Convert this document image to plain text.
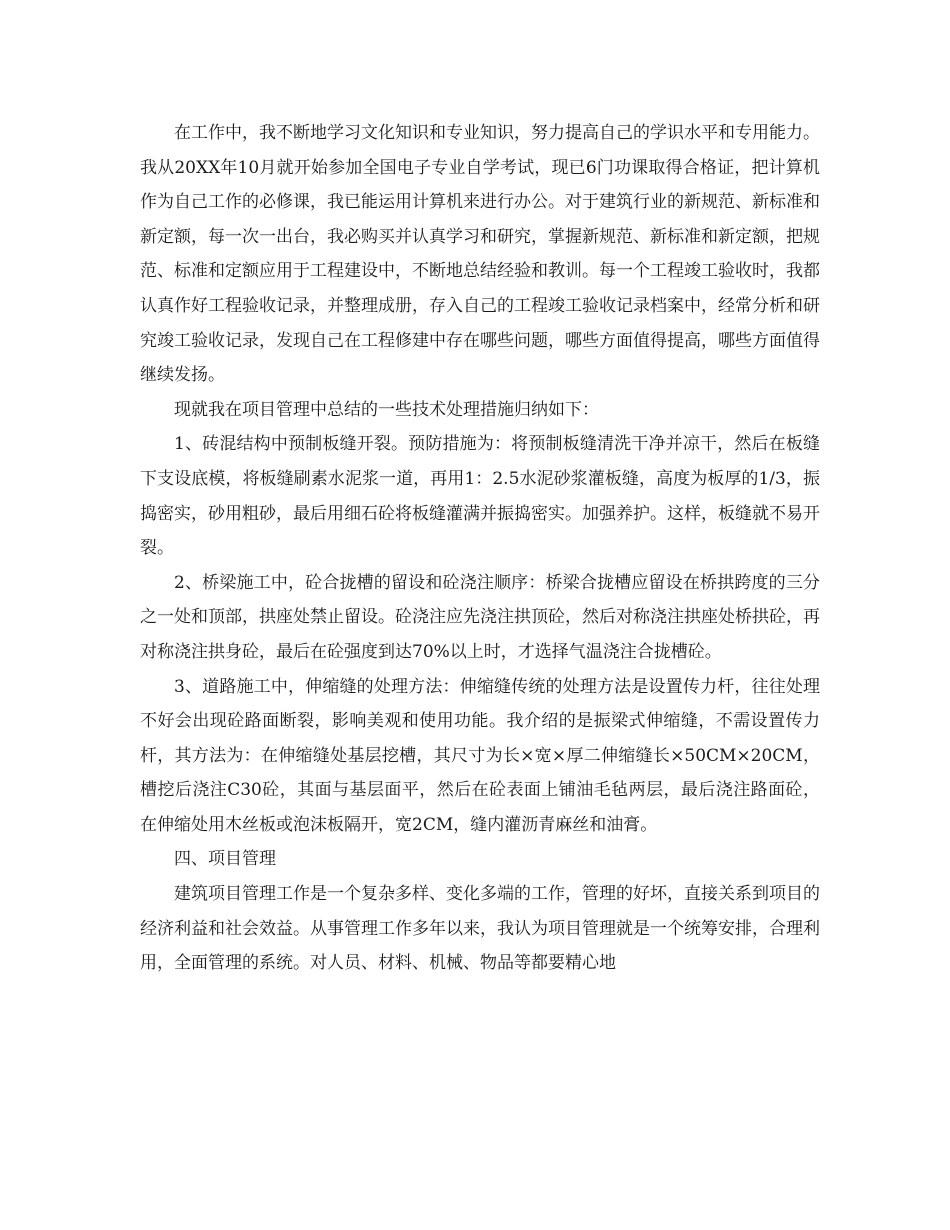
在工作中，我不断地学习文化知识和专业知识，努力提高自己的学识水平和专用能力。我从20XX年10月就开始参加全国电子专业自学考试，现已6门功课取得合格证，把计算机作为自己工作的必修课，我已能运用计算机来进行办公。对于建筑行业的新规范、新标准和新定额，每一次一出台，我必购买并认真学习和研究，掌握新规范、新标准和新定额，把规范、标准和定额应用于工程建设中，不断地总结经验和教训。每一个工程竣工验收时，我都认真作好工程验收记录，并整理成册，存入自己的工程竣工验收记录档案中，经常分析和研究竣工验收记录，发现自己在工程修建中存在哪些问题，哪些方面值得提高，哪些方面值得继续发扬。

现就我在项目管理中总结的一些技术处理措施归纳如下：

1、砖混结构中预制板缝开裂。预防措施为：将预制板缝清洗干净并凉干，然后在板缝下支设底模，将板缝刷素水泥浆一道，再用1：2.5水泥砂浆灌板缝，高度为板厚的1/3，振捣密实，砂用粗砂，最后用细石砼将板缝灌满并振捣密实。加强养护。这样，板缝就不易开裂。

2、桥梁施工中，砼合拢槽的留设和砼浇注顺序：桥梁合拢槽应留设在桥拱跨度的三分之一处和顶部，拱座处禁止留设。砼浇注应先浇注拱顶砼，然后对称浇注拱座处桥拱砼，再对称浇注拱身砼，最后在砼强度到达70%以上时，才选择气温浇注合拢槽砼。

3、道路施工中，伸缩缝的处理方法：伸缩缝传统的处理方法是设置传力杆，往往处理不好会出现砼路面断裂，影响美观和使用功能。我介绍的是振梁式伸缩缝，不需设置传力杆，其方法为：在伸缩缝处基层挖槽，其尺寸为长×宽×厚二伸缩缝长×50CM×20CM，槽挖后浇注C30砼，其面与基层面平，然后在砼表面上铺油毛毡两层，最后浇注路面砼，在伸缩处用木丝板或泡沫板隔开，宽2CM，缝内灌沥青麻丝和油膏。

四、项目管理

建筑项目管理工作是一个复杂多样、变化多端的工作，管理的好坏，直接关系到项目的经济利益和社会效益。从事管理工作多年以来，我认为项目管理就是一个统筹安排，合理利用，全面管理的系统。对人员、材料、机械、物品等都要精心地
